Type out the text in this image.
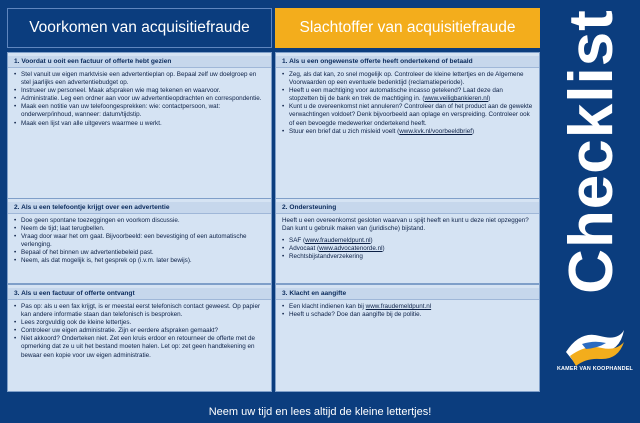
Voorkomen van acquisitiefraude
1. Voordat u ooit een factuur of offerte hebt gezien
• Stel vanuit uw eigen marktvisie een advertentieplan op. Bepaal zelf uw doelgroep en stel jaarlijks een advertentiebudget op.
• Instrueer uw personeel. Maak afspraken wie mag tekenen en waarvoor.
• Administratie. Leg een ordner aan voor uw advertentieopdrachten en correspondentie.
• Maak een notitie van uw telefoongesprekken: wie: contactpersoon, wat: onderwerp/inhoud, wanneer: datum/tijdstip.
• Maak een lijst van alle uitgevers waarmee u werkt.
2. Als u een telefoontje krijgt over een advertentie
• Doe geen spontane toezeggingen en voorkom discussie.
• Neem de tijd; laat terugbellen.
• Vraag door waar het om gaat. Bijvoorbeeld: een bevestiging of een automatische verlenging.
• Bepaal of het binnen uw advertentiebeleid past.
• Neem, als dat mogelijk is, het gesprek op (i.v.m. later bewijs).
3. Als u een factuur of offerte ontvangt
• Pas op: als u een fax krijgt, is er meestal eerst telefonisch contact geweest. Op papier kan andere informatie staan dan telefonisch is besproken.
• Lees zorgvuldig ook de kleine lettertjes.
• Controleer uw eigen administratie. Zijn er eerdere afspraken gemaakt?
• Niet akkoord? Onderteken niet. Zet een kruis erdoor en retourneer de offerte met de opmerking dat ze u uit het bestand moeten halen. Let op: zet geen handtekening en bewaar een kopie voor uw eigen administratie.
Slachtoffer van acquisitiefraude
1. Als u een ongewenste offerte heeft ondertekend of betaald
• Zeg, als dat kan, zo snel mogelijk op. Controleer de kleine lettertjes en de Algemene Voorwaarden op een eventuele bedenktijd (reclamatieperiode).
• Heeft u een machtiging voor automatische incasso getekend? Laat deze dan stopzetten bij de bank en trek de machtiging in. (www.veiligbankieren.nl)
• Kunt u de overeenkomst niet annuleren? Controleer dan of het product aan de gewekte verwachtingen voldoet? Denk bijvoorbeeld aan oplage en verspreiding. Controleer ook of een bevoegde medewerker ondertekend heeft.
• Stuur een brief dat u zich misleid voelt (www.kvk.nl/voorbeeldbrief)
2. Ondersteuning

Heeft u een overeenkomst gesloten waarvan u spijt heeft en kunt u deze niet opzeggen? Dan kunt u gebruik maken van (juridische) bijstand.

• SAF (www.fraudemeldpunt.nl)
• Advocaat (www.advocatenorde.nl)
• Rechtsbijstandverzekering
3. Klacht en aangifte
• Een klacht indienen kan bij www.fraudemeldpunt.nl
• Heeft u schade? Doe dan aangifte bij de politie.
Checklist
KAMER VAN KOOPHANDEL
Neem uw tijd en lees altijd de kleine lettertjes!
